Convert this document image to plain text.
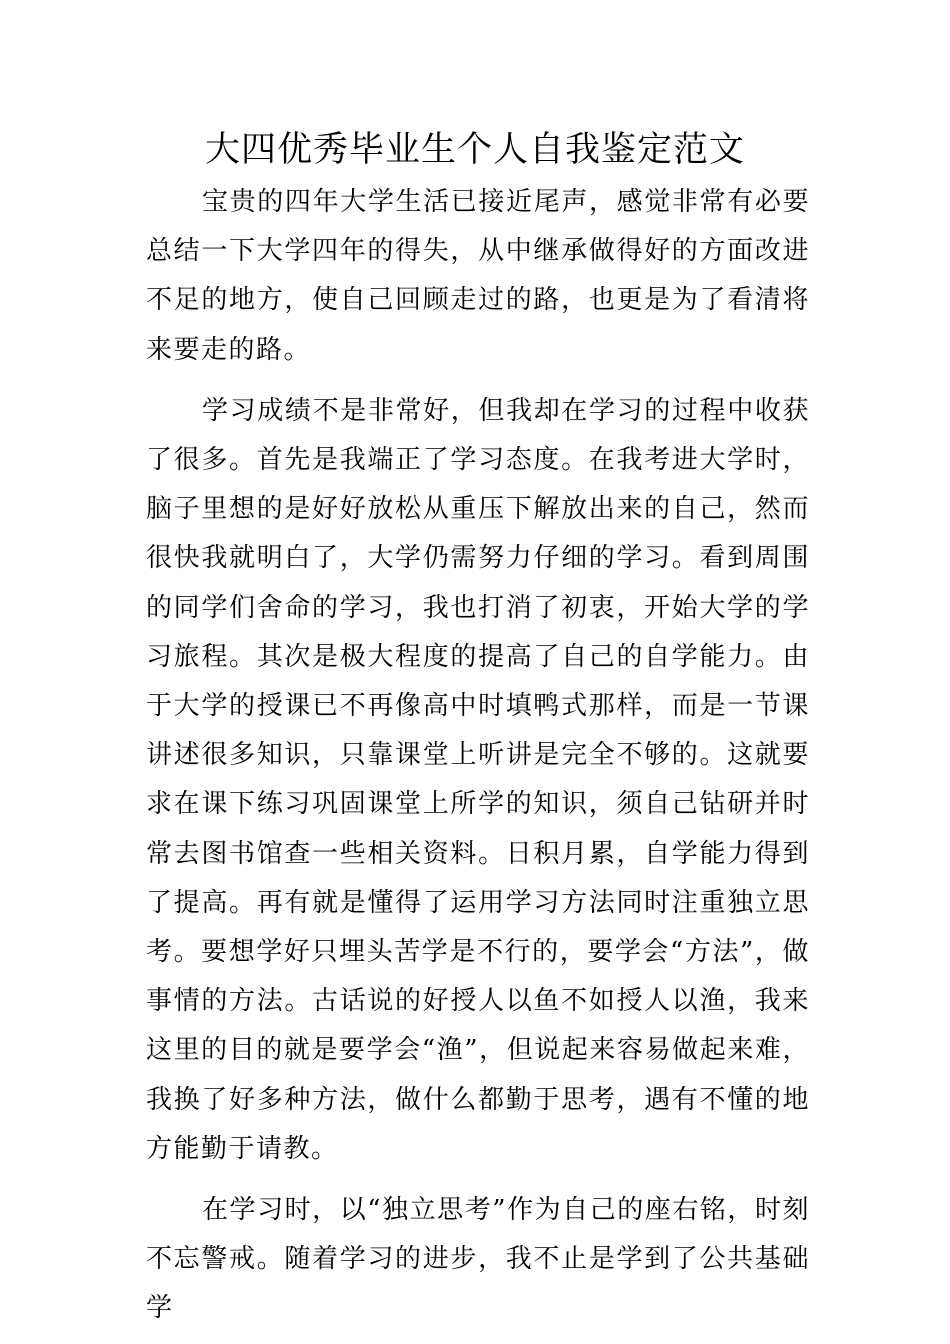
大四优秀毕业生个人自我鉴定范文

宝贵的四年大学生活已接近尾声，感觉非常有必要总结一下大学四年的得失，从中继承做得好的方面改进不足的地方，使自己回顾走过的路，也更是为了看清将来要走的路。

学习成绩不是非常好，但我却在学习的过程中收获了很多。首先是我端正了学习态度。在我考进大学时，脑子里想的是好好放松从重压下解放出来的自己，然而很快我就明白了，大学仍需努力仔细的学习。看到周围的同学们舍命的学习，我也打消了初衷，开始大学的学习旅程。其次是极大程度的提高了自己的自学能力。由于大学的授课已不再像高中时填鸭式那样，而是一节课讲述很多知识，只靠课堂上听讲是完全不够的。这就要求在课下练习巩固课堂上所学的知识，须自己钻研并时常去图书馆查一些相关资料。日积月累，自学能力得到了提高。再有就是懂得了运用学习方法同时注重独立思考。要想学好只埋头苦学是不行的，要学会“方法”，做事情的方法。古话说的好授人以鱼不如授人以渔，我来这里的目的就是要学会“渔”，但说起来容易做起来难，我换了好多种方法，做什么都勤于思考，遇有不懂的地方能勤于请教。

在学习时，以“独立思考”作为自己的座右铭，时刻不忘警戒。随着学习的进步，我不止是学到了公共基础学
